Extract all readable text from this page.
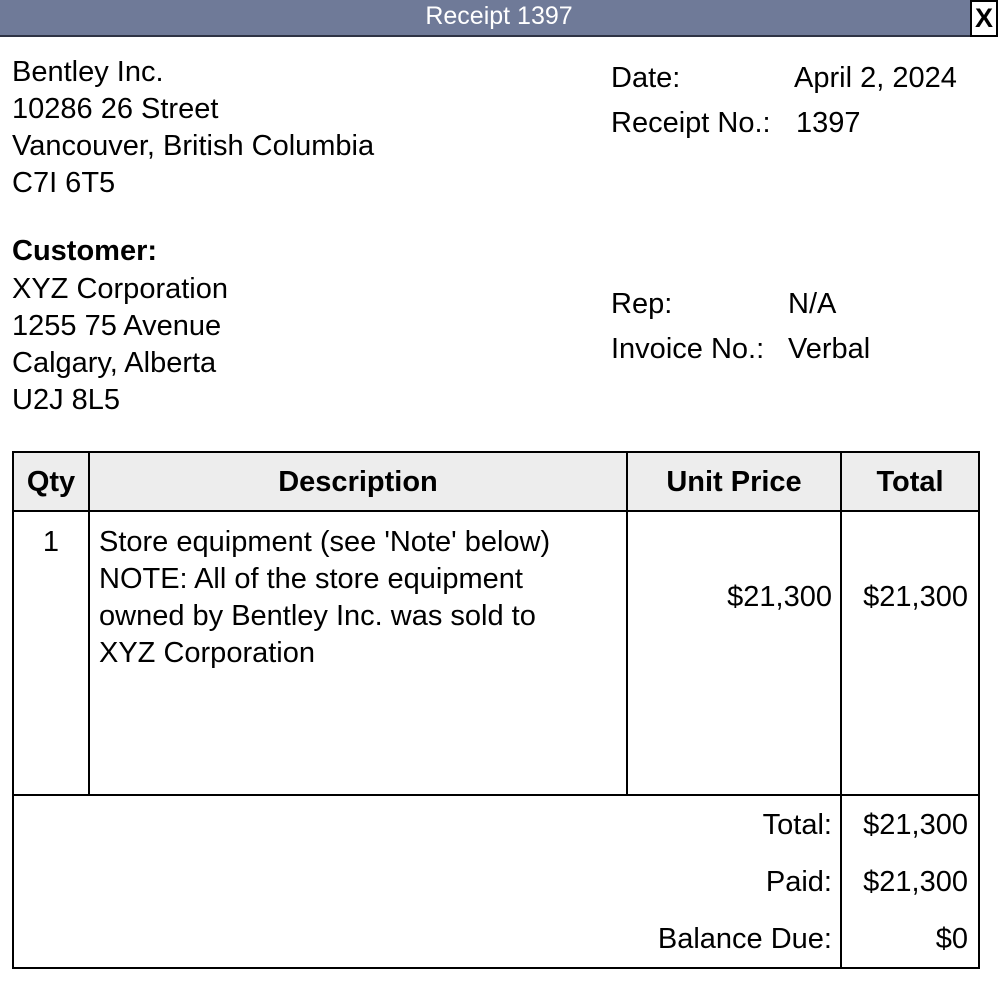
Receipt 1397	X
Bentley Inc.
10286 26 Street
Vancouver, British Columbia
C7I 6T5
Date:	April 2, 2024
Receipt No.: 1397
Customer:
XYZ Corporation
1255 75 Avenue
Calgary, Alberta
U2J 8L5
Rep:	N/A
Invoice No.: Verbal
Qty	Description	Unit Price	Total
1	Store equipment (see 'Note' below)
NOTE: All of the store equipment
owned by Bentley Inc. was sold to
XYZ Corporation
$21,300	$21,300
Total:	$21,300
Paid:	$21,300
Balance Due:	$0
